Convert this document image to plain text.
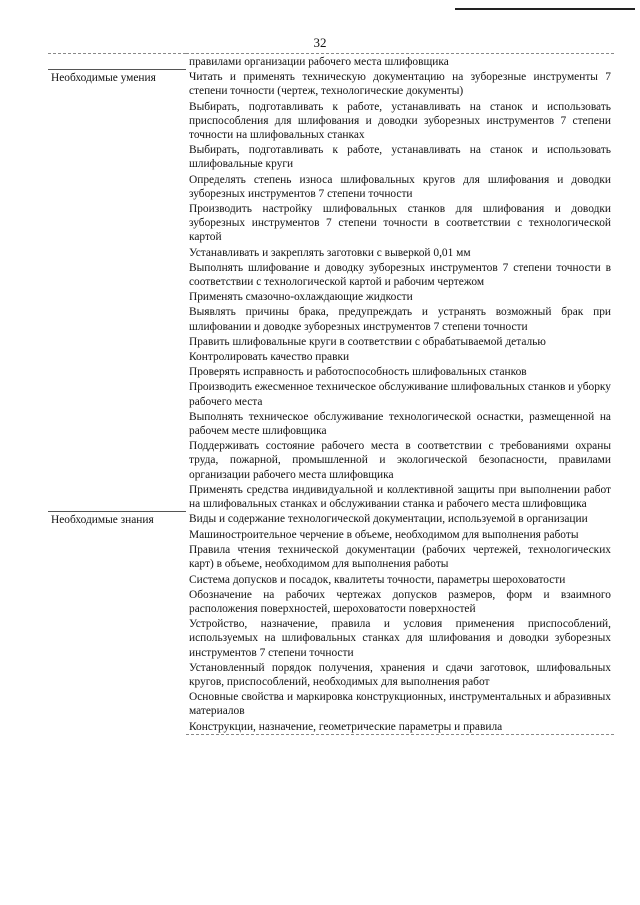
32
	правилами организации рабочего места шлифовщика
Необходимые умения	Читать и применять техническую документацию на зуборезные инструменты 7 степени точности (чертеж, технологические документы)
	Выбирать, подготавливать к работе, устанавливать на станок и использовать приспособления для шлифования и доводки зуборезных инструментов 7 степени точности на шлифовальных станках
	Выбирать, подготавливать к работе, устанавливать на станок и использовать шлифовальные круги
	Определять степень износа шлифовальных кругов для шлифования и доводки зуборезных инструментов 7 степени точности
	Производить настройку шлифовальных станков для шлифования и доводки зуборезных инструментов 7 степени точности в соответствии с технологической картой
	Устанавливать и закреплять заготовки с выверкой 0,01 мм
	Выполнять шлифование и доводку зуборезных инструментов 7 степени точности в соответствии с технологической картой и рабочим чертежом
	Применять смазочно-охлаждающие жидкости
	Выявлять причины брака, предупреждать и устранять возможный брак при шлифовании и доводке зуборезных инструментов 7 степени точности
	Править шлифовальные круги в соответствии с обрабатываемой деталью
	Контролировать качество правки
	Проверять исправность и работоспособность шлифовальных станков
	Производить ежесменное техническое обслуживание шлифовальных станков и уборку рабочего места
	Выполнять техническое обслуживание технологической оснастки, размещенной на рабочем месте шлифовщика
	Поддерживать состояние рабочего места в соответствии с требованиями охраны труда, пожарной, промышленной и экологической безопасности, правилами организации рабочего места шлифовщика
	Применять средства индивидуальной и коллективной защиты при выполнении работ на шлифовальных станках и обслуживании станка и рабочего места шлифовщика
Необходимые знания	Виды и содержание технологической документации, используемой в организации
	Машиностроительное черчение в объеме, необходимом для выполнения работы
	Правила чтения технической документации (рабочих чертежей, технологических карт) в объеме, необходимом для выполнения работы
	Система допусков и посадок, квалитеты точности, параметры шероховатости
	Обозначение на рабочих чертежах допусков размеров, форм и взаимного расположения поверхностей, шероховатости поверхностей
	Устройство, назначение, правила и условия применения приспособлений, используемых на шлифовальных станках для шлифования и доводки зуборезных инструментов 7 степени точности
	Установленный порядок получения, хранения и сдачи заготовок, шлифовальных кругов, приспособлений, необходимых для выполнения работ
	Основные свойства и маркировка конструкционных, инструментальных и абразивных материалов
	Конструкции, назначение, геометрические параметры и правила
